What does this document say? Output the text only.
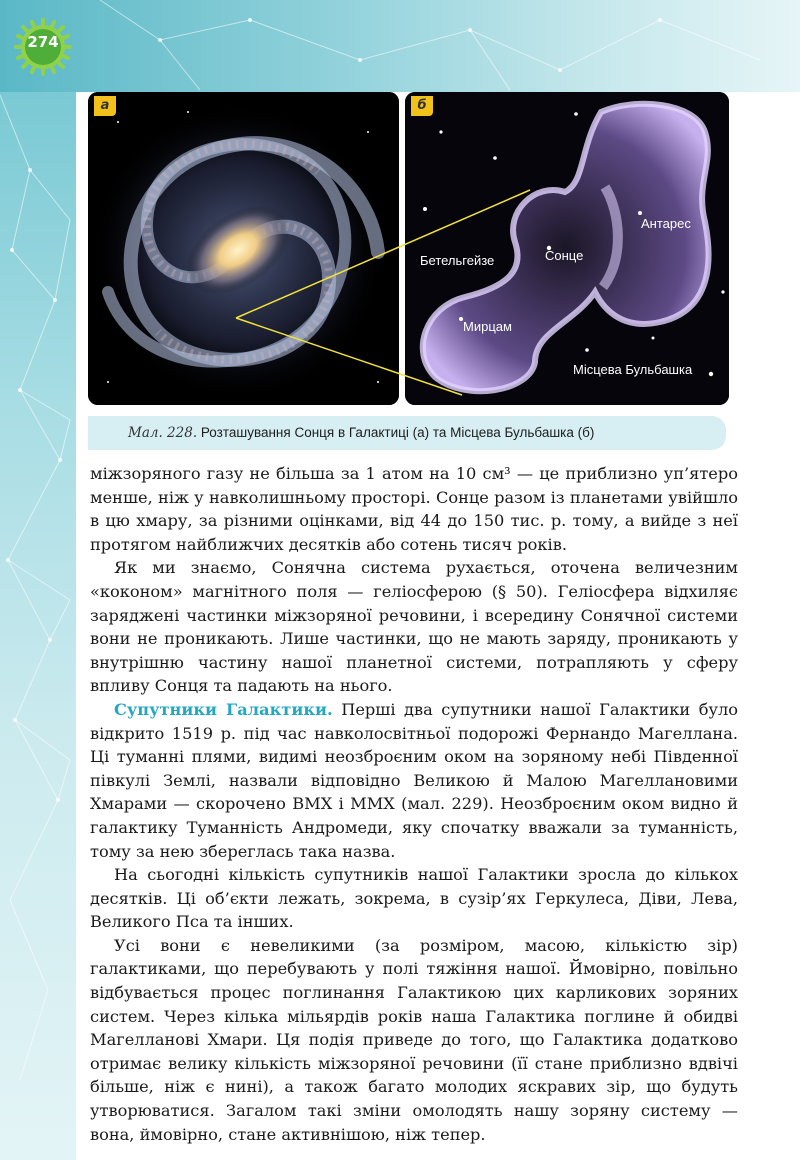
274
а	б
Бетельгейзе	Сонце
Антарес
Мирцам
Місцева Бульбашка
Мал. 228. Розташування Сонця в Галактиці (а) та Місцева Бульбашка (б)

міжзоряного газу не більша за 1 атом на 10 см³ — це приблизно уп’ятеро менше, ніж у навколишньому просторі. Сонце разом із планетами увійшло в цю хмару, за різними оцінками, від 44 до 150 тис. р. тому, а вийде з неї протягом найближчих десятків або сотень тисяч років.

Як ми знаємо, Сонячна система рухається, оточена величезним «коконом» магнітного поля — геліосферою (§ 50). Геліосфера відхиляє заряджені частинки міжзоряної речовини, і всередину Сонячної системи вони не проникають. Лише частинки, що не мають заряду, проникають у внутрішню частину нашої планетної системи, потрапляють у сферу впливу Сонця та падають на нього.

Супутники Галактики. Перші два супутники нашої Галактики було відкрито 1519 р. під час навколосвітньої подорожі Фернандо Магеллана. Ці туманні плями, видимі неозброєним оком на зоряному небі Південної півкулі Землі, назвали відповідно Великою й Малою Магеллановими Хмарами — скорочено ВМХ і ММХ (мал. 229). Неозброєним оком видно й галактику Туманність Андромеди, яку спочатку вважали за туманність, тому за нею збереглась така назва.

На сьогодні кількість супутників нашої Галактики зросла до кількох десятків. Ці об’єкти лежать, зокрема, в сузір’ях Геркулеса, Діви, Лева, Великого Пса та інших.

Усі вони є невеликими (за розміром, масою, кількістю зір) галактиками, що перебувають у полі тяжіння нашої. Ймовірно, повільно відбувається процес поглинання Галактикою цих карликових зоряних систем. Через кілька мільярдів років наша Галактика поглине й обидві Магелланові Хмари. Ця подія приведе до того, що Галактика додатково отримає велику кількість міжзоряної речовини (її стане приблизно вдвічі більше, ніж є нині), а також багато молодих яскравих зір, що будуть утворюватися. Загалом такі зміни омолодять нашу зоряну систему — вона, ймовірно, стане активнішою, ніж тепер.
